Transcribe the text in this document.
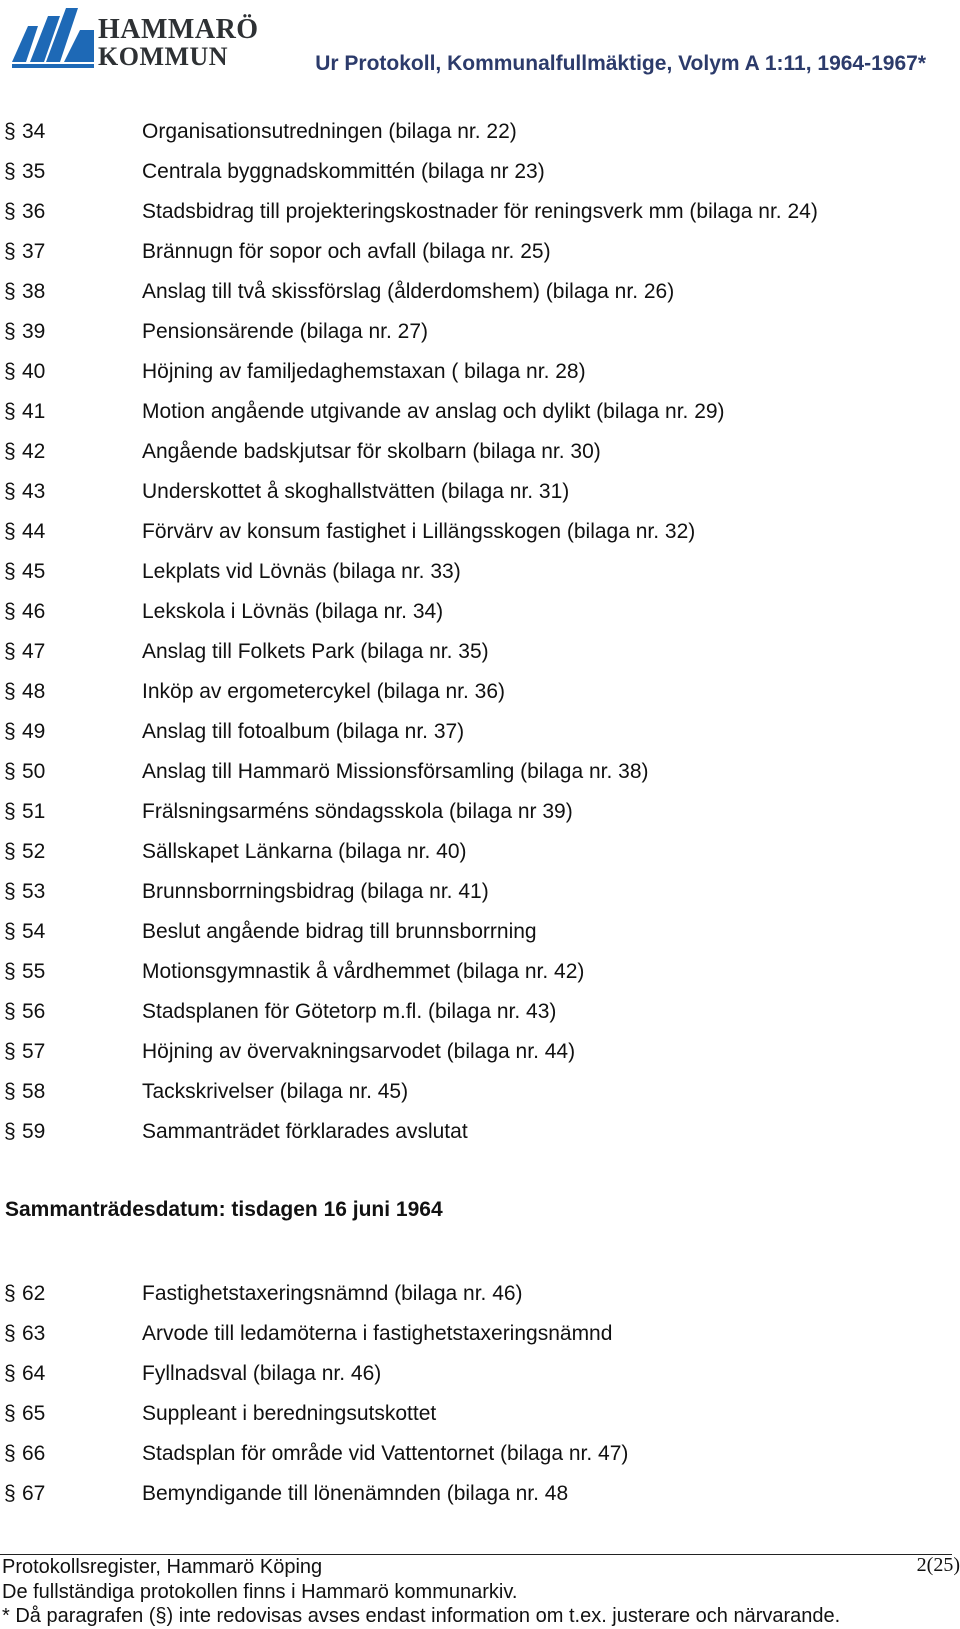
HAMMARÖ
KOMMUN	Ur Protokoll, Kommunalfullmäktige, Volym A 1:11, 1964-1967*
§ 34	Organisationsutredningen (bilaga nr. 22)
§ 35	Centrala byggnadskommittén (bilaga nr 23)
§ 36	Stadsbidrag till projekteringskostnader för reningsverk mm (bilaga nr. 24)
§ 37	Brännugn för sopor och avfall (bilaga nr. 25)
§ 38	Anslag till två skissförslag (ålderdomshem) (bilaga nr. 26)
§ 39	Pensionsärende (bilaga nr. 27)
§ 40	Höjning av familjedaghemstaxan ( bilaga nr. 28)
§ 41	Motion angående utgivande av anslag och dylikt (bilaga nr. 29)
§ 42	Angående badskjutsar för skolbarn (bilaga nr. 30)
§ 43	Underskottet å skoghallstvätten (bilaga nr. 31)
§ 44	Förvärv av konsum fastighet i Lillängsskogen (bilaga nr. 32)
§ 45	Lekplats vid Lövnäs (bilaga nr. 33)
§ 46	Lekskola i Lövnäs (bilaga nr. 34)
§ 47	Anslag till Folkets Park (bilaga nr. 35)
§ 48	Inköp av ergometercykel (bilaga nr. 36)
§ 49	Anslag till fotoalbum (bilaga nr. 37)
§ 50	Anslag till Hammarö Missionsförsamling (bilaga nr. 38)
§ 51	Frälsningsarméns söndagsskola (bilaga nr 39)
§ 52	Sällskapet Länkarna (bilaga nr. 40)
§ 53	Brunnsborrningsbidrag (bilaga nr. 41)
§ 54	Beslut angående bidrag till brunnsborrning
§ 55	Motionsgymnastik å vårdhemmet (bilaga nr. 42)
§ 56	Stadsplanen för Götetorp m.fl. (bilaga nr. 43)
§ 57	Höjning av övervakningsarvodet (bilaga nr. 44)
§ 58	Tackskrivelser (bilaga nr. 45)
§ 59	Sammanträdet förklarades avslutat
Sammanträdesdatum: tisdagen 16 juni 1964
§ 62	Fastighetstaxeringsnämnd (bilaga nr. 46)
§ 63	Arvode till ledamöterna i fastighetstaxeringsnämnd
§ 64	Fyllnadsval (bilaga nr. 46)
§ 65	Suppleant i beredningsutskottet
§ 66	Stadsplan för område vid Vattentornet (bilaga nr. 47)
§ 67	Bemyndigande till lönenämnden (bilaga nr. 48
Protokollsregister, Hammarö Köping
De fullständiga protokollen finns i Hammarö kommunarkiv.
* Då paragrafen (§) inte redovisas avses endast information om t.ex. justerare och närvarande.
2(25)
